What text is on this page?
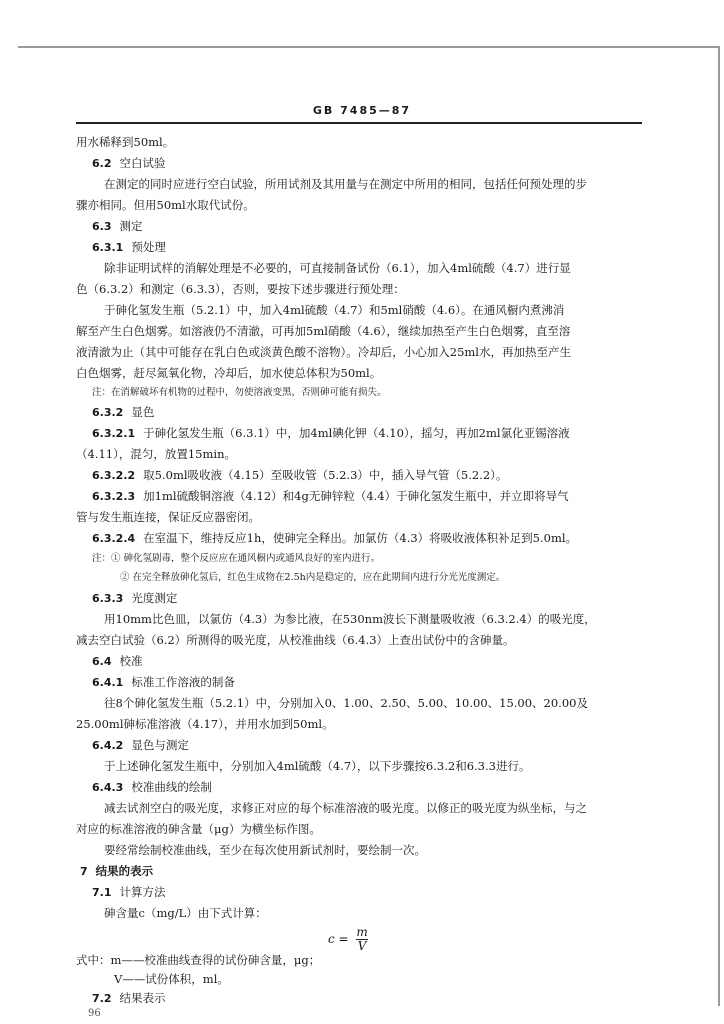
GB 7485—87
用水稀释到50ml。
6.2 空白试验
在测定的同时应进行空白试验，所用试剂及其用量与在测定中所用的相同，包括任何预处理的步
骤亦相同。但用50ml水取代试份。
6.3 测定
6.3.1 预处理
除非证明试样的消解处理是不必要的，可直接制备试份（6.1），加入4ml硫酸（4.7）进行显
色（6.3.2）和测定（6.3.3），否则，要按下述步骤进行预处理：
于砷化氢发生瓶（5.2.1）中，加入4ml硫酸（4.7）和5ml硝酸（4.6）。在通风橱内煮沸消
解至产生白色烟雾。如溶液仍不清澈，可再加5ml硝酸（4.6），继续加热至产生白色烟雾，直至溶
液清澈为止（其中可能存在乳白色或淡黄色酸不溶物）。冷却后，小心加入25ml水，再加热至产生
白色烟雾，赶尽氮氧化物，冷却后，加水使总体积为50ml。
注：在消解破坏有机物的过程中，勿使溶液变黑，否则砷可能有损失。
6.3.2 显色
6.3.2.1 于砷化氢发生瓶（6.3.1）中，加4ml碘化钾（4.10），摇匀，再加2ml氯化亚锡溶液
（4.11），混匀，放置15min。
6.3.2.2 取5.0ml吸收液（4.15）至吸收管（5.2.3）中，插入导气管（5.2.2）。
6.3.2.3 加1ml硫酸铜溶液（4.12）和4g无砷锌粒（4.4）于砷化氢发生瓶中，并立即将导气
管与发生瓶连接，保证反应器密闭。
6.3.2.4 在室温下，维持反应1h，使砷完全释出。加氯仿（4.3）将吸收液体积补足到5.0ml。
注：① 砷化氢剧毒，整个反应应在通风橱内或通风良好的室内进行。
② 在完全释放砷化氢后，红色生成物在2.5h内是稳定的，应在此期间内进行分光光度测定。
6.3.3 光度测定
用10mm比色皿，以氯仿（4.3）为参比液，在530nm波长下测量吸收液（6.3.2.4）的吸光度，
减去空白试验（6.2）所测得的吸光度，从校准曲线（6.4.3）上查出试份中的含砷量。
6.4 校准
6.4.1 标准工作溶液的制备
往8个砷化氢发生瓶（5.2.1）中，分别加入0、1.00、2.50、5.00、10.00、15.00、20.00及
25.00ml砷标准溶液（4.17），并用水加到50ml。
6.4.2 显色与测定
于上述砷化氢发生瓶中，分别加入4ml硫酸（4.7），以下步骤按6.3.2和6.3.3进行。
6.4.3 校准曲线的绘制
减去试剂空白的吸光度，求修正对应的每个标准溶液的吸光度。以修正的吸光度为纵坐标，与之
对应的标准溶液的砷含量（μg）为横坐标作图。
要经常绘制校准曲线，至少在每次使用新试剂时，要绘制一次。
7 结果的表示
7.1 计算方法
砷含量c（mg/L）由下式计算：
$c = \frac{m}{V}$
式中：m——校准曲线查得的试份砷含量，μg；
V——试份体积，ml。
7.2 结果表示
96
